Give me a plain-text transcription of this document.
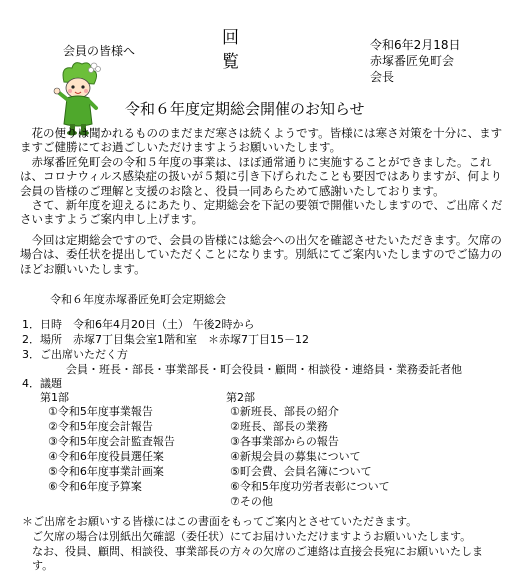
会員の皆様へ
回
覧
令和6年2月18日
赤塚番匠免町会
会長
令和６年度定期総会開催のお知らせ
　花の便りは聞かれるもののまだまだ寒さは続くようです。皆様には寒さ対策を十分に、ますますご健勝にてお過ごしいただけますようお願いいたします。
　赤塚番匠免町会の令和５年度の事業は、ほぼ通常通りに実施することができました。これは、コロナウィルス感染症の扱いが５類に引き下げられたことも要因ではありますが、何より会員の皆様のご理解と支援のお陰と、役員一同あらためて感謝いたしております。
　さて、新年度を迎えるにあたり、定期総会を下記の要領で開催いたしますので、ご出席くださいますようご案内申し上げます。
　今回は定期総会ですので、会員の皆様には総会への出欠を確認させたいただきます。欠席の場合は、委任状を提出していただくことになります。別紙にてご案内いたしますのでご協力のほどお願いいたします。
令和６年度赤塚番匠免町会定期総会
1．日時　令和6年4月20日（土） 午後2時から
2．場所　赤塚7丁目集会室1階和室　＊赤塚7丁目15－12
3．ご出席いただく方
会員・班長・部長・事業部長・町会役員・顧問・相談役・連絡員・業務委託者他
4．議題
第1部
①令和5年度事業報告
②令和5年度会計報告
③令和5年度会計監査報告
④令和6年度役員選任案
⑤令和6年度事業計画案
⑥令和6年度予算案
第2部
①新班長、部長の紹介
②班長、部長の業務
③各事業部からの報告
④新規会員の募集について
⑤町会費、会員名簿について
⑥令和5年度功労者表彰について
⑦その他
＊ご出席をお願いする皆様にはこの書面をもってご案内とさせていただきます。
ご欠席の場合は別紙出欠確認（委任状）にてお届けいただけますようお願いいたします。
なお、役員、顧問、相談役、事業部長の方々の欠席のご連絡は直接会長宛にお願いいたします。
